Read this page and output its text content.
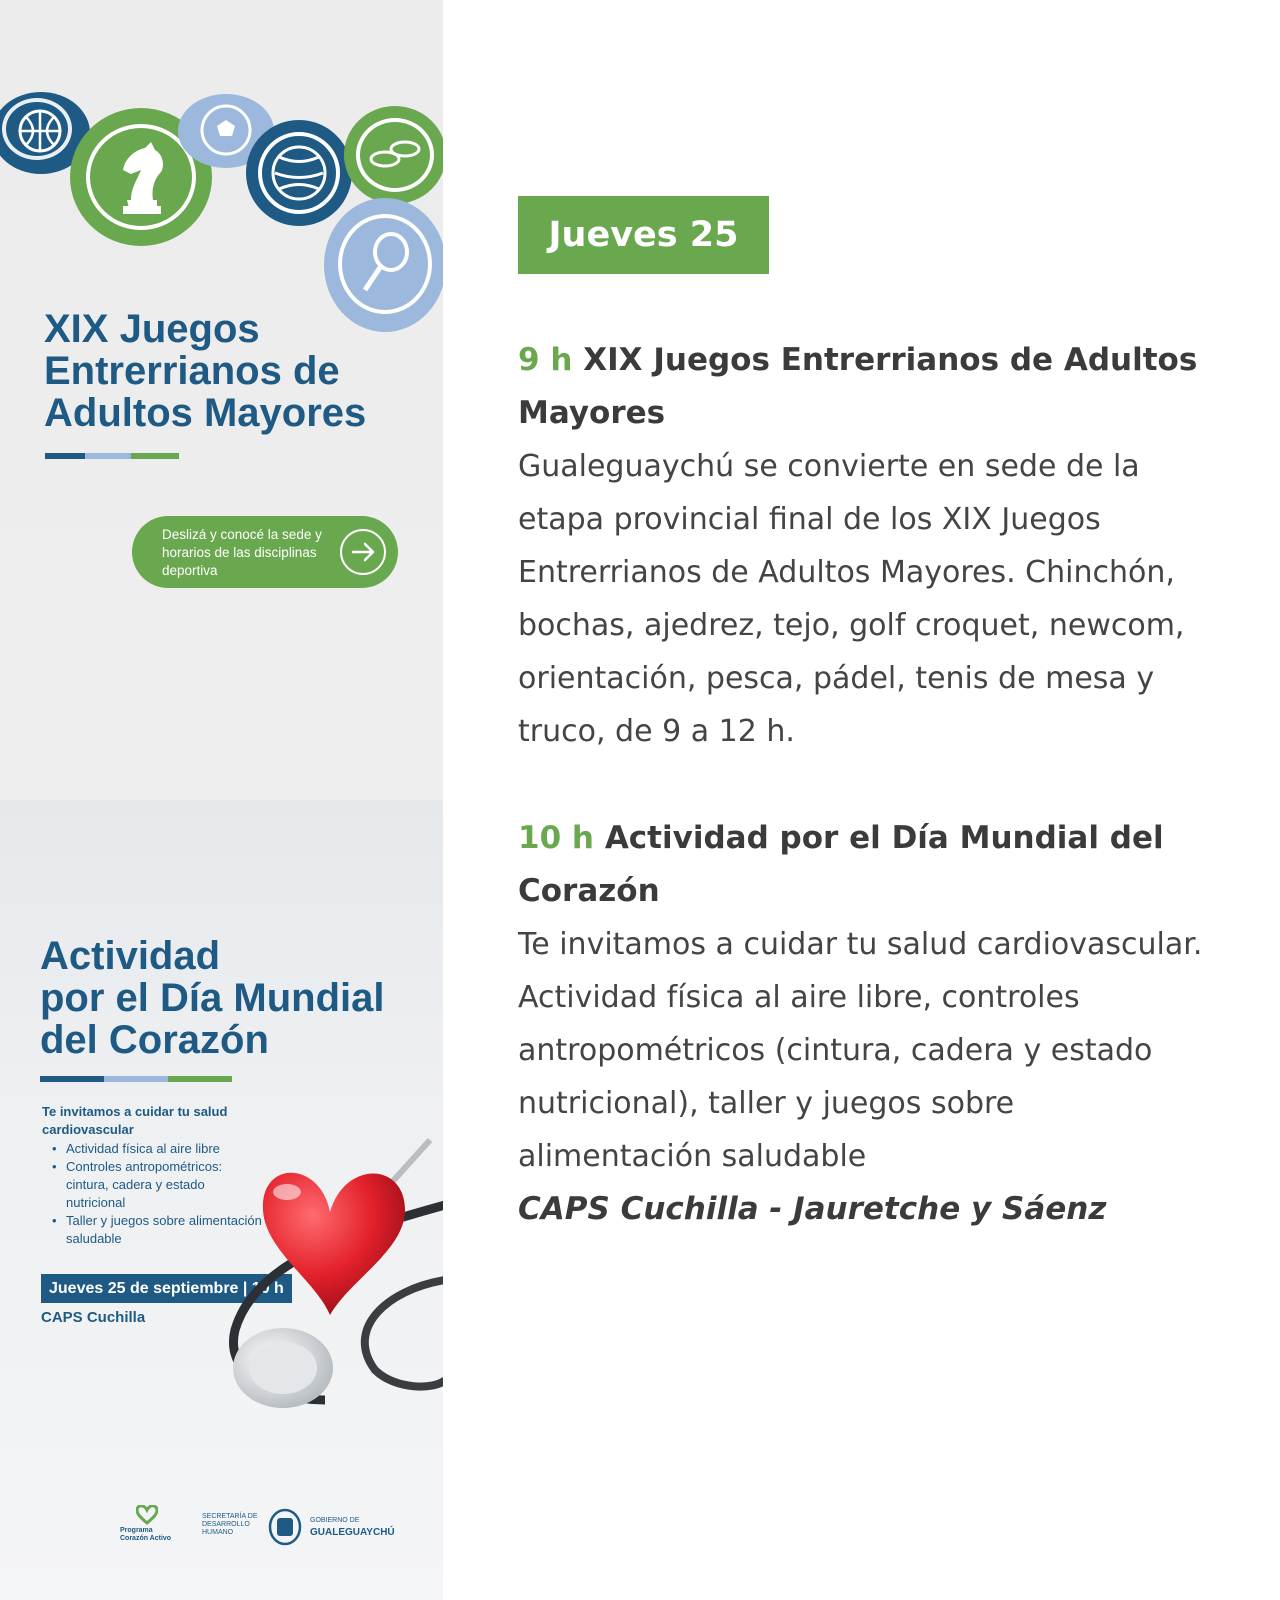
XIX Juegos
Entrerrianos de
Adultos Mayores
Deslizá y conocé la sede y horarios de las disciplinas deportiva
Actividad
por el Día Mundial
del Corazón
Te invitamos a cuidar tu salud cardiovascular
• Actividad física al aire libre
• Controles antropométricos: cintura, cadera y estado nutricional
• Taller y juegos sobre alimentación saludable
Jueves 25 de septiembre | 10 h
CAPS Cuchilla
Programa Corazón Activo
SECRETARÍA DE DESARROLLO HUMANO
GOBIERNO DE
GUALEGUAYCHÚ
Jueves 25
9 h XIX Juegos Entrerrianos de Adultos Mayores
Gualeguaychú se convierte en sede de la etapa provincial final de los XIX Juegos Entrerrianos de Adultos Mayores. Chinchón, bochas, ajedrez, tejo, golf croquet, newcom, orientación, pesca, pádel, tenis de mesa y truco, de 9 a 12 h.
10 h Actividad por el Día Mundial del Corazón
Te invitamos a cuidar tu salud cardiovascular. Actividad física al aire libre, controles antropométricos (cintura, cadera y estado nutricional), taller y juegos sobre alimentación saludable
CAPS Cuchilla - Jauretche y Sáenz
